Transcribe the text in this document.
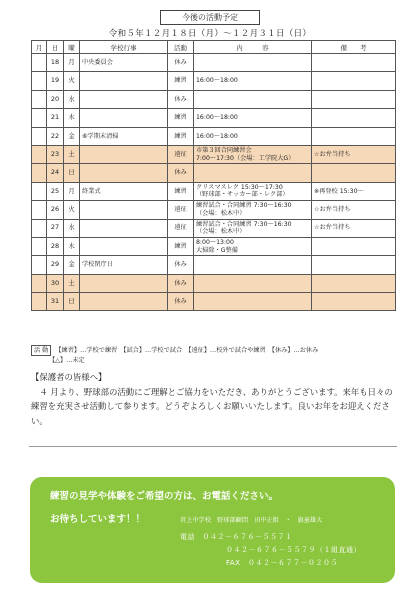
今後の活動予定
令和５年１２月１８日（月）～１２月３１日（日）
月	日	曜	学校行事	活動	内　　　容	備　　考
	18	月	中央委員会	休み		
	19	火		練習	16:00～18:00	
	20	水		休み		
	21	木		練習	16:00～18:00	
	22	金	⑥学期末清掃	練習	16:00～18:00	
	23	土		遠征	市第３回合同練習会
7:00～17:30（会場：工学院大G）	☆お弁当持ち
	24	日		休み		
	25	月	終業式	練習	クリスマスレク 15:30～17:30
（野球部・サッカー部・レク部）	※再登校 15:30～
	26	火		遠征	練習試合・合同練習 7:30～16:30
（会場：松木中）	☆お弁当持ち
	27	水		遠征	練習試合・合同練習 7:30～16:30
（会場：松木中）	☆お弁当持ち
	28	木		練習	8:00～13:00
大掃除・G整備	
	29	金	学校閉庁日	休み		
	30	土		休み		
	31	日		休み		
活 動 【練習】…学校で練習　【試合】…学校で試合　【遠征】…校外で試合や練習　【休み】…お休み
【△】…未定

【保護者の皆様へ】

　４ 月より、野球部の活動にご理解とご協力をいただき、ありがとうございます。来年も日々の練習を充実させ活動して参ります。どうぞよろしくお願いいたします。良いお年をお迎えください。

練習の見学や体験をご希望の方は、お電話ください。
お待ちしています！！	宮上中学校　野球部顧問　田中正組　・　旗童雄大
電話　０４２－６７６－５５７１
０４２－６７６－５５７９（１組直通）
FAX　０４２－６７７－０２０５
